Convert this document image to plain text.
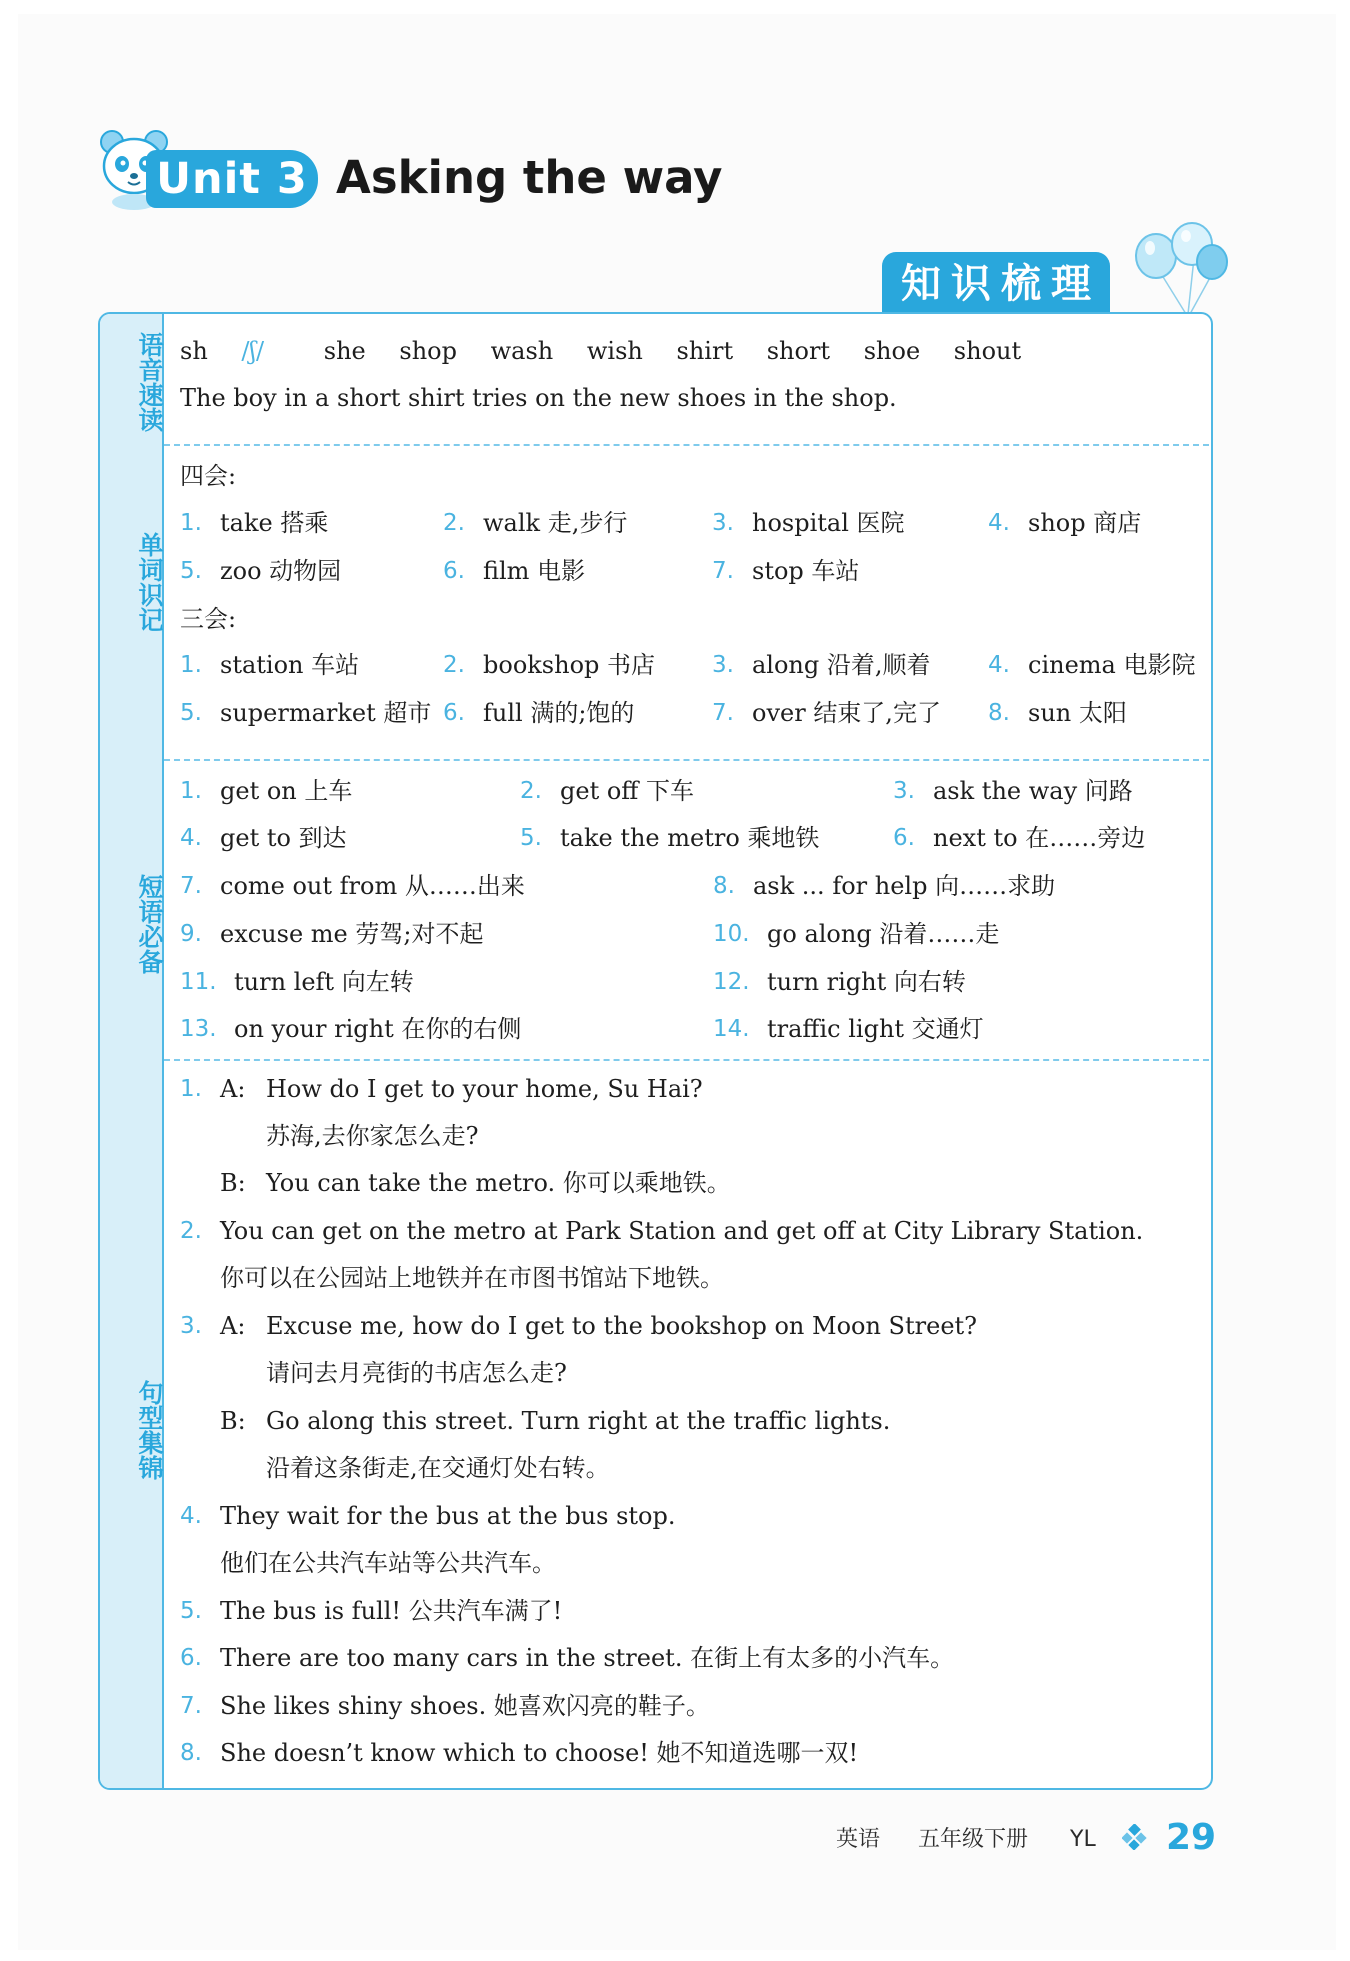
Unit 3 Asking the way
知识梳理
语音速读
单词识记
短语必备
句型集锦
sh /ʃ/ she shop wash wish shirt short shoe shout
The boy in a short shirt tries on the new shoes in the shop.
四会:
1. take 搭乘	2. walk 走,步行	3. hospital 医院	4. shop 商店
5. zoo 动物园	6. film 电影	7. stop 车站
三会:
1. station 车站	2. bookshop 书店 3. along 沿着,顺着 4. cinema 电影院
5. supermarket 超市 6. full 满的;饱的	7. over 结束了,完了 8. sun 太阳
1. get on 上车	2. get off 下车	3. ask the way 问路
4. get to 到达	5. take the metro 乘地铁	6. next to 在……旁边
7. come out from 从……出来	8. ask ... for help 向……求助
9. excuse me 劳驾;对不起	10. go along 沿着……走
11. turn left 向左转	12. turn right 向右转
13. on your right 在你的右侧	14. traffic light 交通灯
1. A: How do I get to your home, Su Hai?
苏海,去你家怎么走?
B: You can take the metro. 你可以乘地铁。
2. You can get on the metro at Park Station and get off at City Library Station.
你可以在公园站上地铁并在市图书馆站下地铁。
3. A: Excuse me, how do I get to the bookshop on Moon Street?
请问去月亮街的书店怎么走?
B: Go along this street. Turn right at the traffic lights.
沿着这条街走,在交通灯处右转。
4. They wait for the bus at the bus stop.
他们在公共汽车站等公共汽车。
5. The bus is full! 公共汽车满了!
6. There are too many cars in the street. 在街上有太多的小汽车。
7. She likes shiny shoes. 她喜欢闪亮的鞋子。
8. She doesn’t know which to choose! 她不知道选哪一双!
英语 五年级下册 YL 29
